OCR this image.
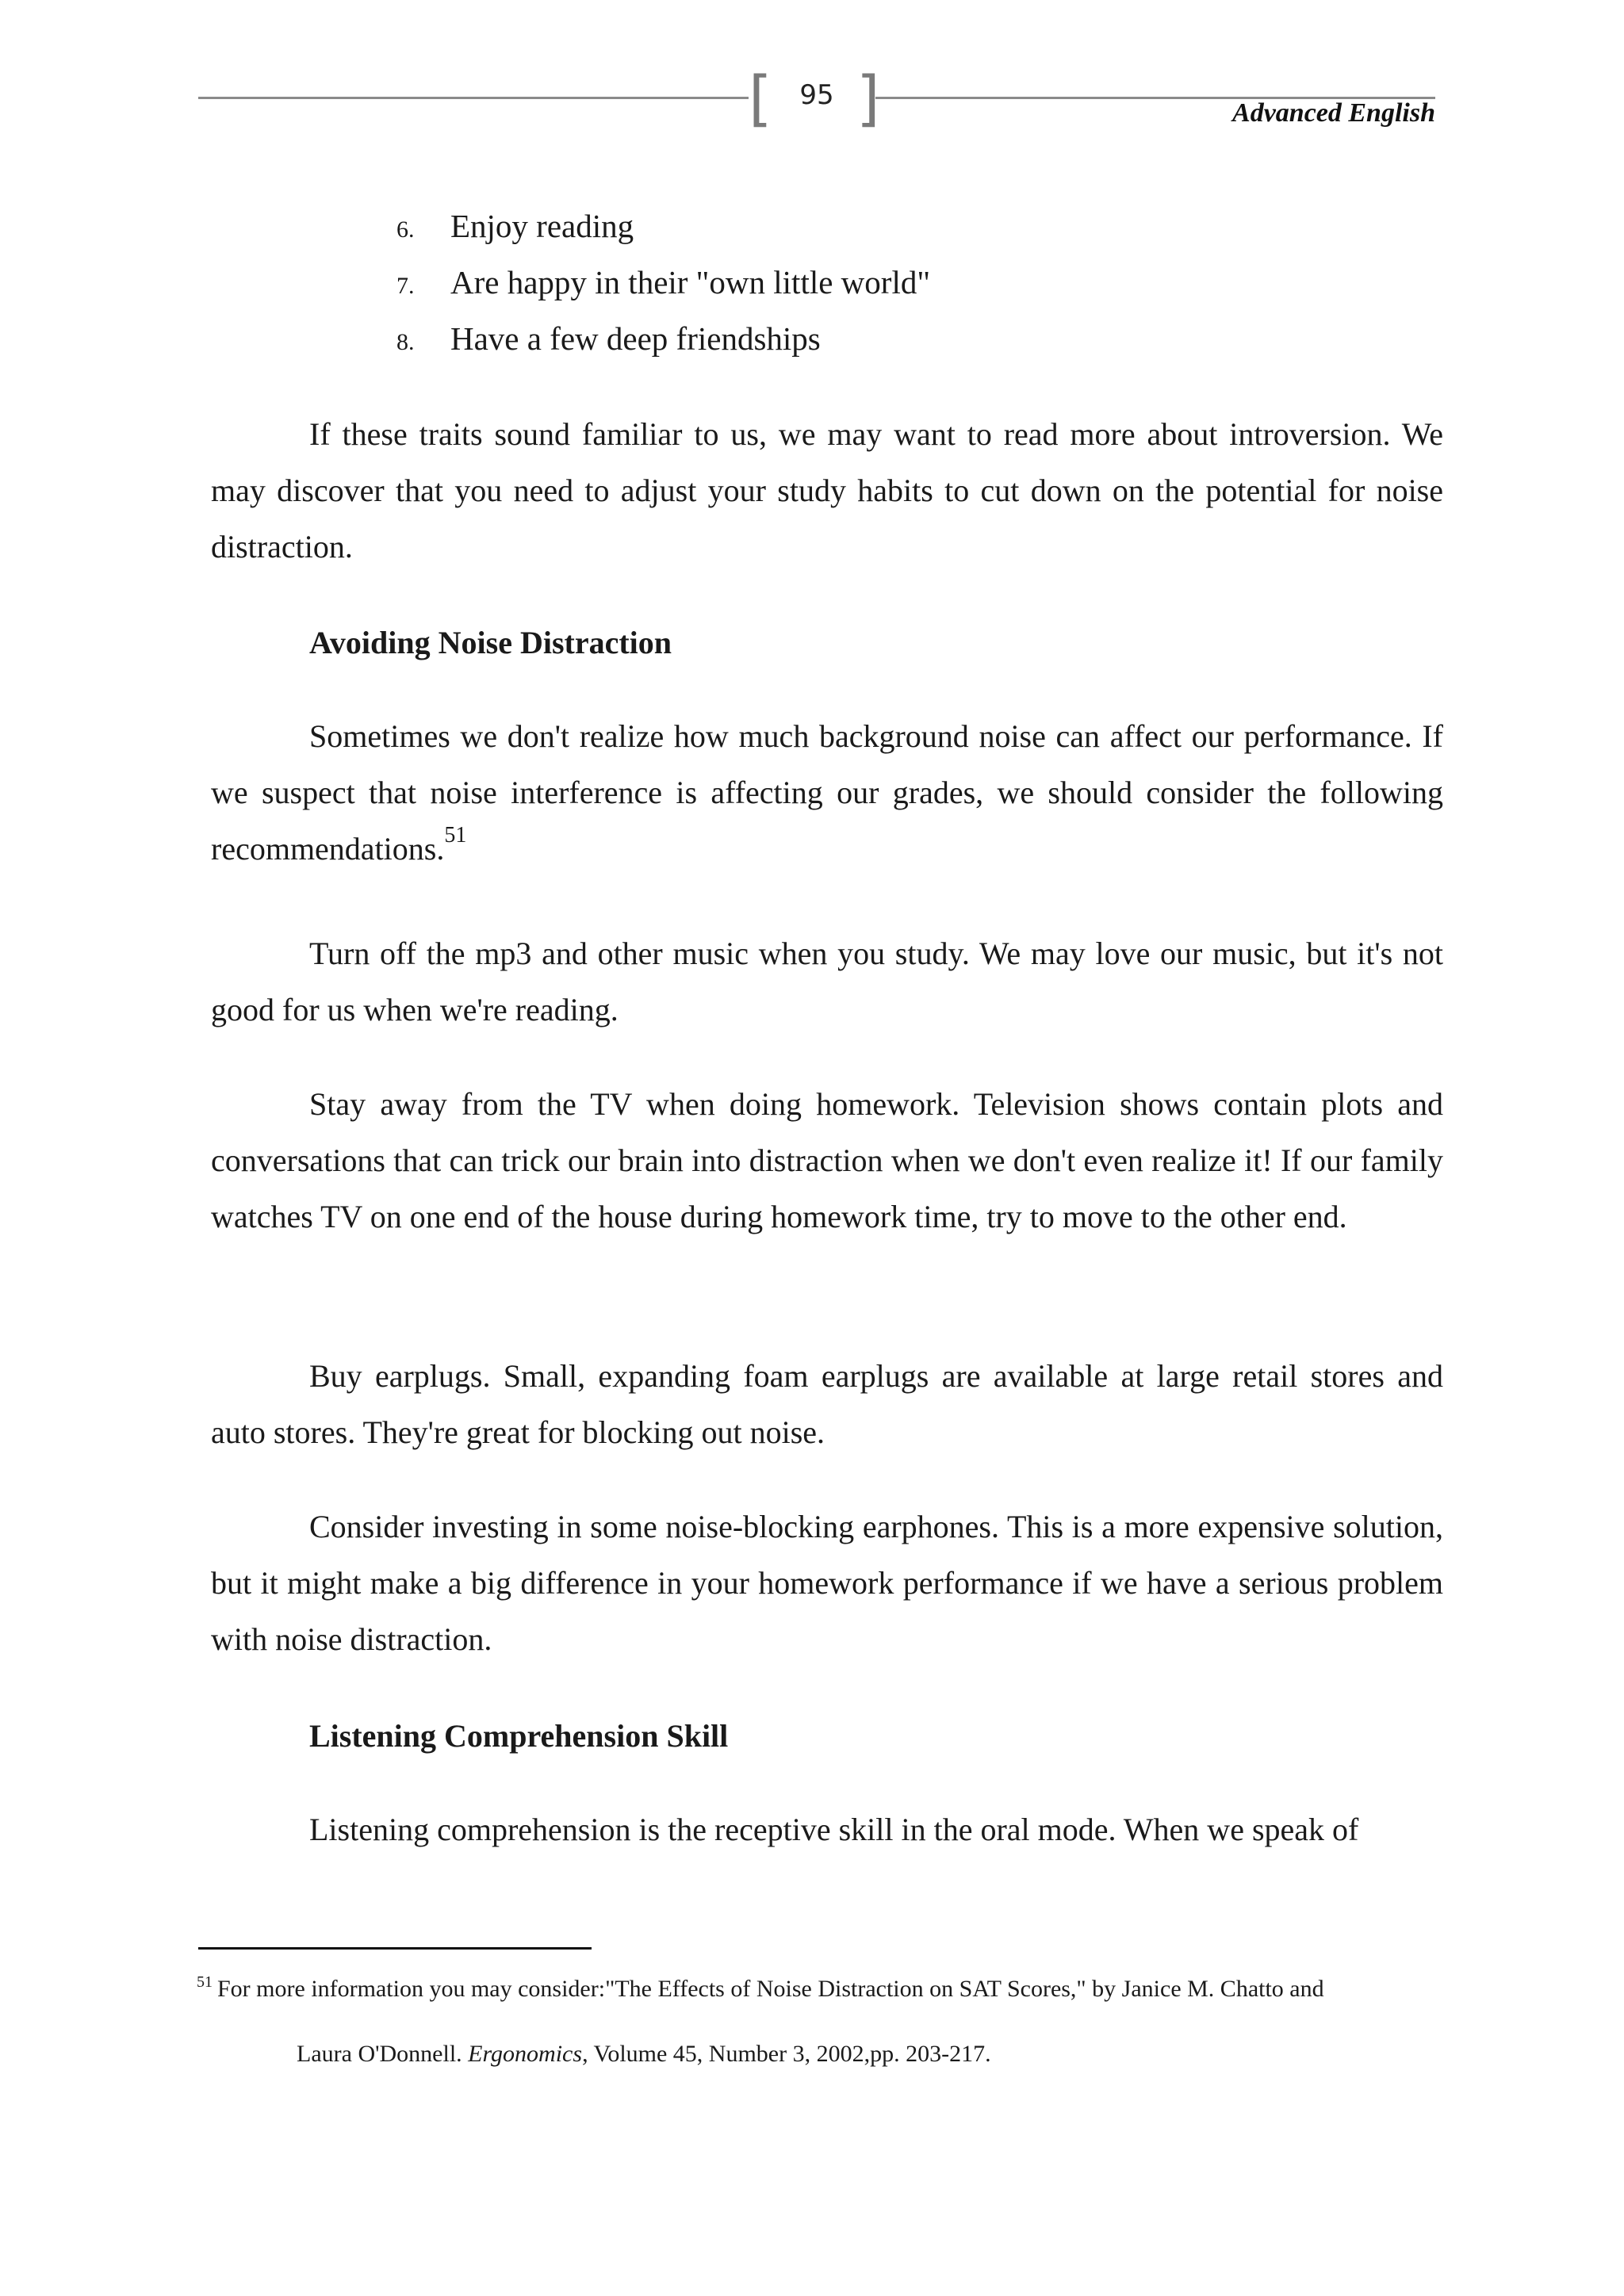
[ ]
95
Advanced English
6. Enjoy reading
7. Are happy in their "own little world"
8. Have a few deep friendships

If these traits sound familiar to us, we may want to read more about introversion. We may discover that you need to adjust your study habits to cut down on the potential for noise distraction.

Avoiding Noise Distraction

Sometimes we don't realize how much background noise can affect our performance. If we suspect that noise interference is affecting our grades, we should consider the following recommendations.$^{51}$

Turn off the mp3 and other music when you study. We may love our music, but it's not good for us when we're reading.

Stay away from the TV when doing homework. Television shows contain plots and conversations that can trick our brain into distraction when we don't even realize it! If our family watches TV on one end of the house during homework time, try to move to the other end.

Buy earplugs. Small, expanding foam earplugs are available at large retail stores and auto stores. They're great for blocking out noise.

Consider investing in some noise-blocking earphones. This is a more expensive solution, but it might make a big difference in your homework performance if we have a serious problem with noise distraction.

Listening Comprehension Skill

Listening comprehension is the receptive skill in the oral mode. When we speak of

$^{51}$ For more information you may consider:"The Effects of Noise Distraction on SAT Scores," by Janice M. Chatto and

Laura O'Donnell. Ergonomics, Volume 45, Number 3, 2002,pp. 203-217.
